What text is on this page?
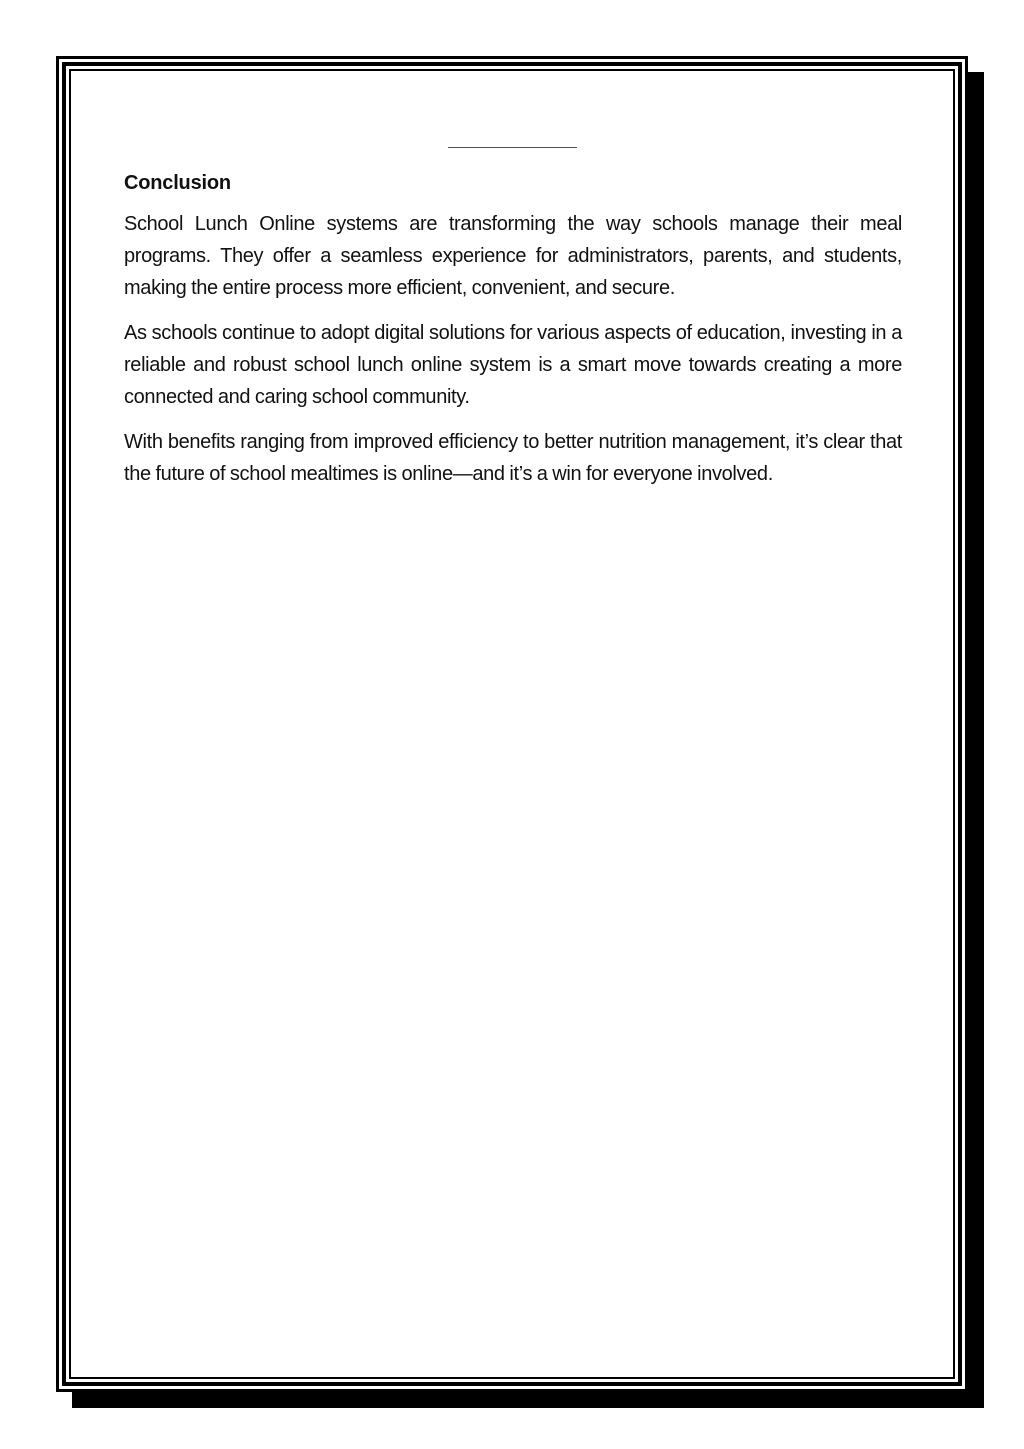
Conclusion

School Lunch Online systems are transforming the way schools manage their meal programs. They offer a seamless experience for administrators, parents, and students, making the entire process more efficient, convenient, and secure.

As schools continue to adopt digital solutions for various aspects of education, investing in a reliable and robust school lunch online system is a smart move towards creating a more connected and caring school community.

With benefits ranging from improved efficiency to better nutrition management, it’s clear that the future of school mealtimes is online—and it’s a win for everyone involved.
